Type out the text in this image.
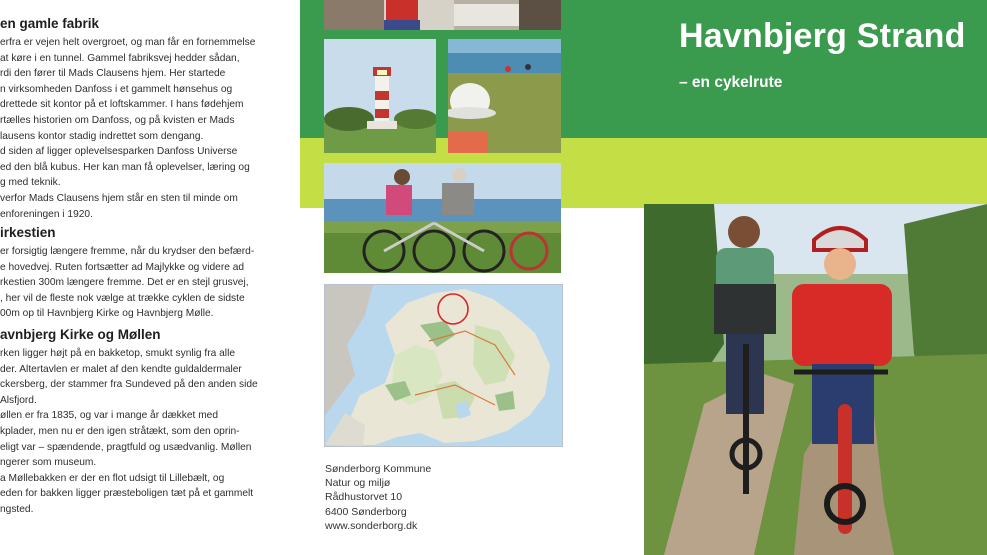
en gamle fabrik
erfra er vejen helt overgroet, og man får en fornemmelse
at køre i en tunnel. Gammel fabriksvej hedder sådan,
rdi den fører til Mads Clausens hjem. Her startede
n virksomheden Danfoss i et gammelt hønsehus og
drettede sit kontor på et loftskammer. I hans fødehjem
rtælles historien om Danfoss, og på kvisten er Mads
lausens kontor stadig indrettet som dengang.
d siden af ligger oplevelsesparken Danfoss Universe
ed den blå kubus. Her kan man få oplevelser, læring og
g med teknik.
verfor Mads Clausens hjem står en sten til minde om
enforeningen i 1920.
irkestien
er forsigtig længere fremme, når du krydser den befærd-
e hovedvej. Ruten fortsætter ad Majlykke og videre ad
rkestien 300m længere fremme. Det er en stejl grusvej,
, her vil de fleste nok vælge at trække cyklen de sidste
00m op til Havnbjerg Kirke og Havnbjerg Mølle.
avnbjerg Kirke og Møllen
rken ligger højt på en bakketop, smukt synlig fra alle
der. Altertavlen er malet af den kendte guldaldermaler
ckersberg, der stammer fra Sundeved på den anden side
Alsfjord.
øllen er fra 1835, og var i mange år dækket med
kplader, men nu er den igen stråtækt, som den oprin-
eligt var – spændende, pragtfuld og usædvanlig. Møllen
ngerer som museum.
a Møllebakken er der en flot udsigt til Lillebælt, og
eden for bakken ligger præsteboligen tæt på et gammelt
ngsted.
Sønderborg Kommune
Natur og miljø
Rådhustorvet 10
6400 Sønderborg
www.sonderborg.dk
Havnbjerg Strand
– en cykelrute
